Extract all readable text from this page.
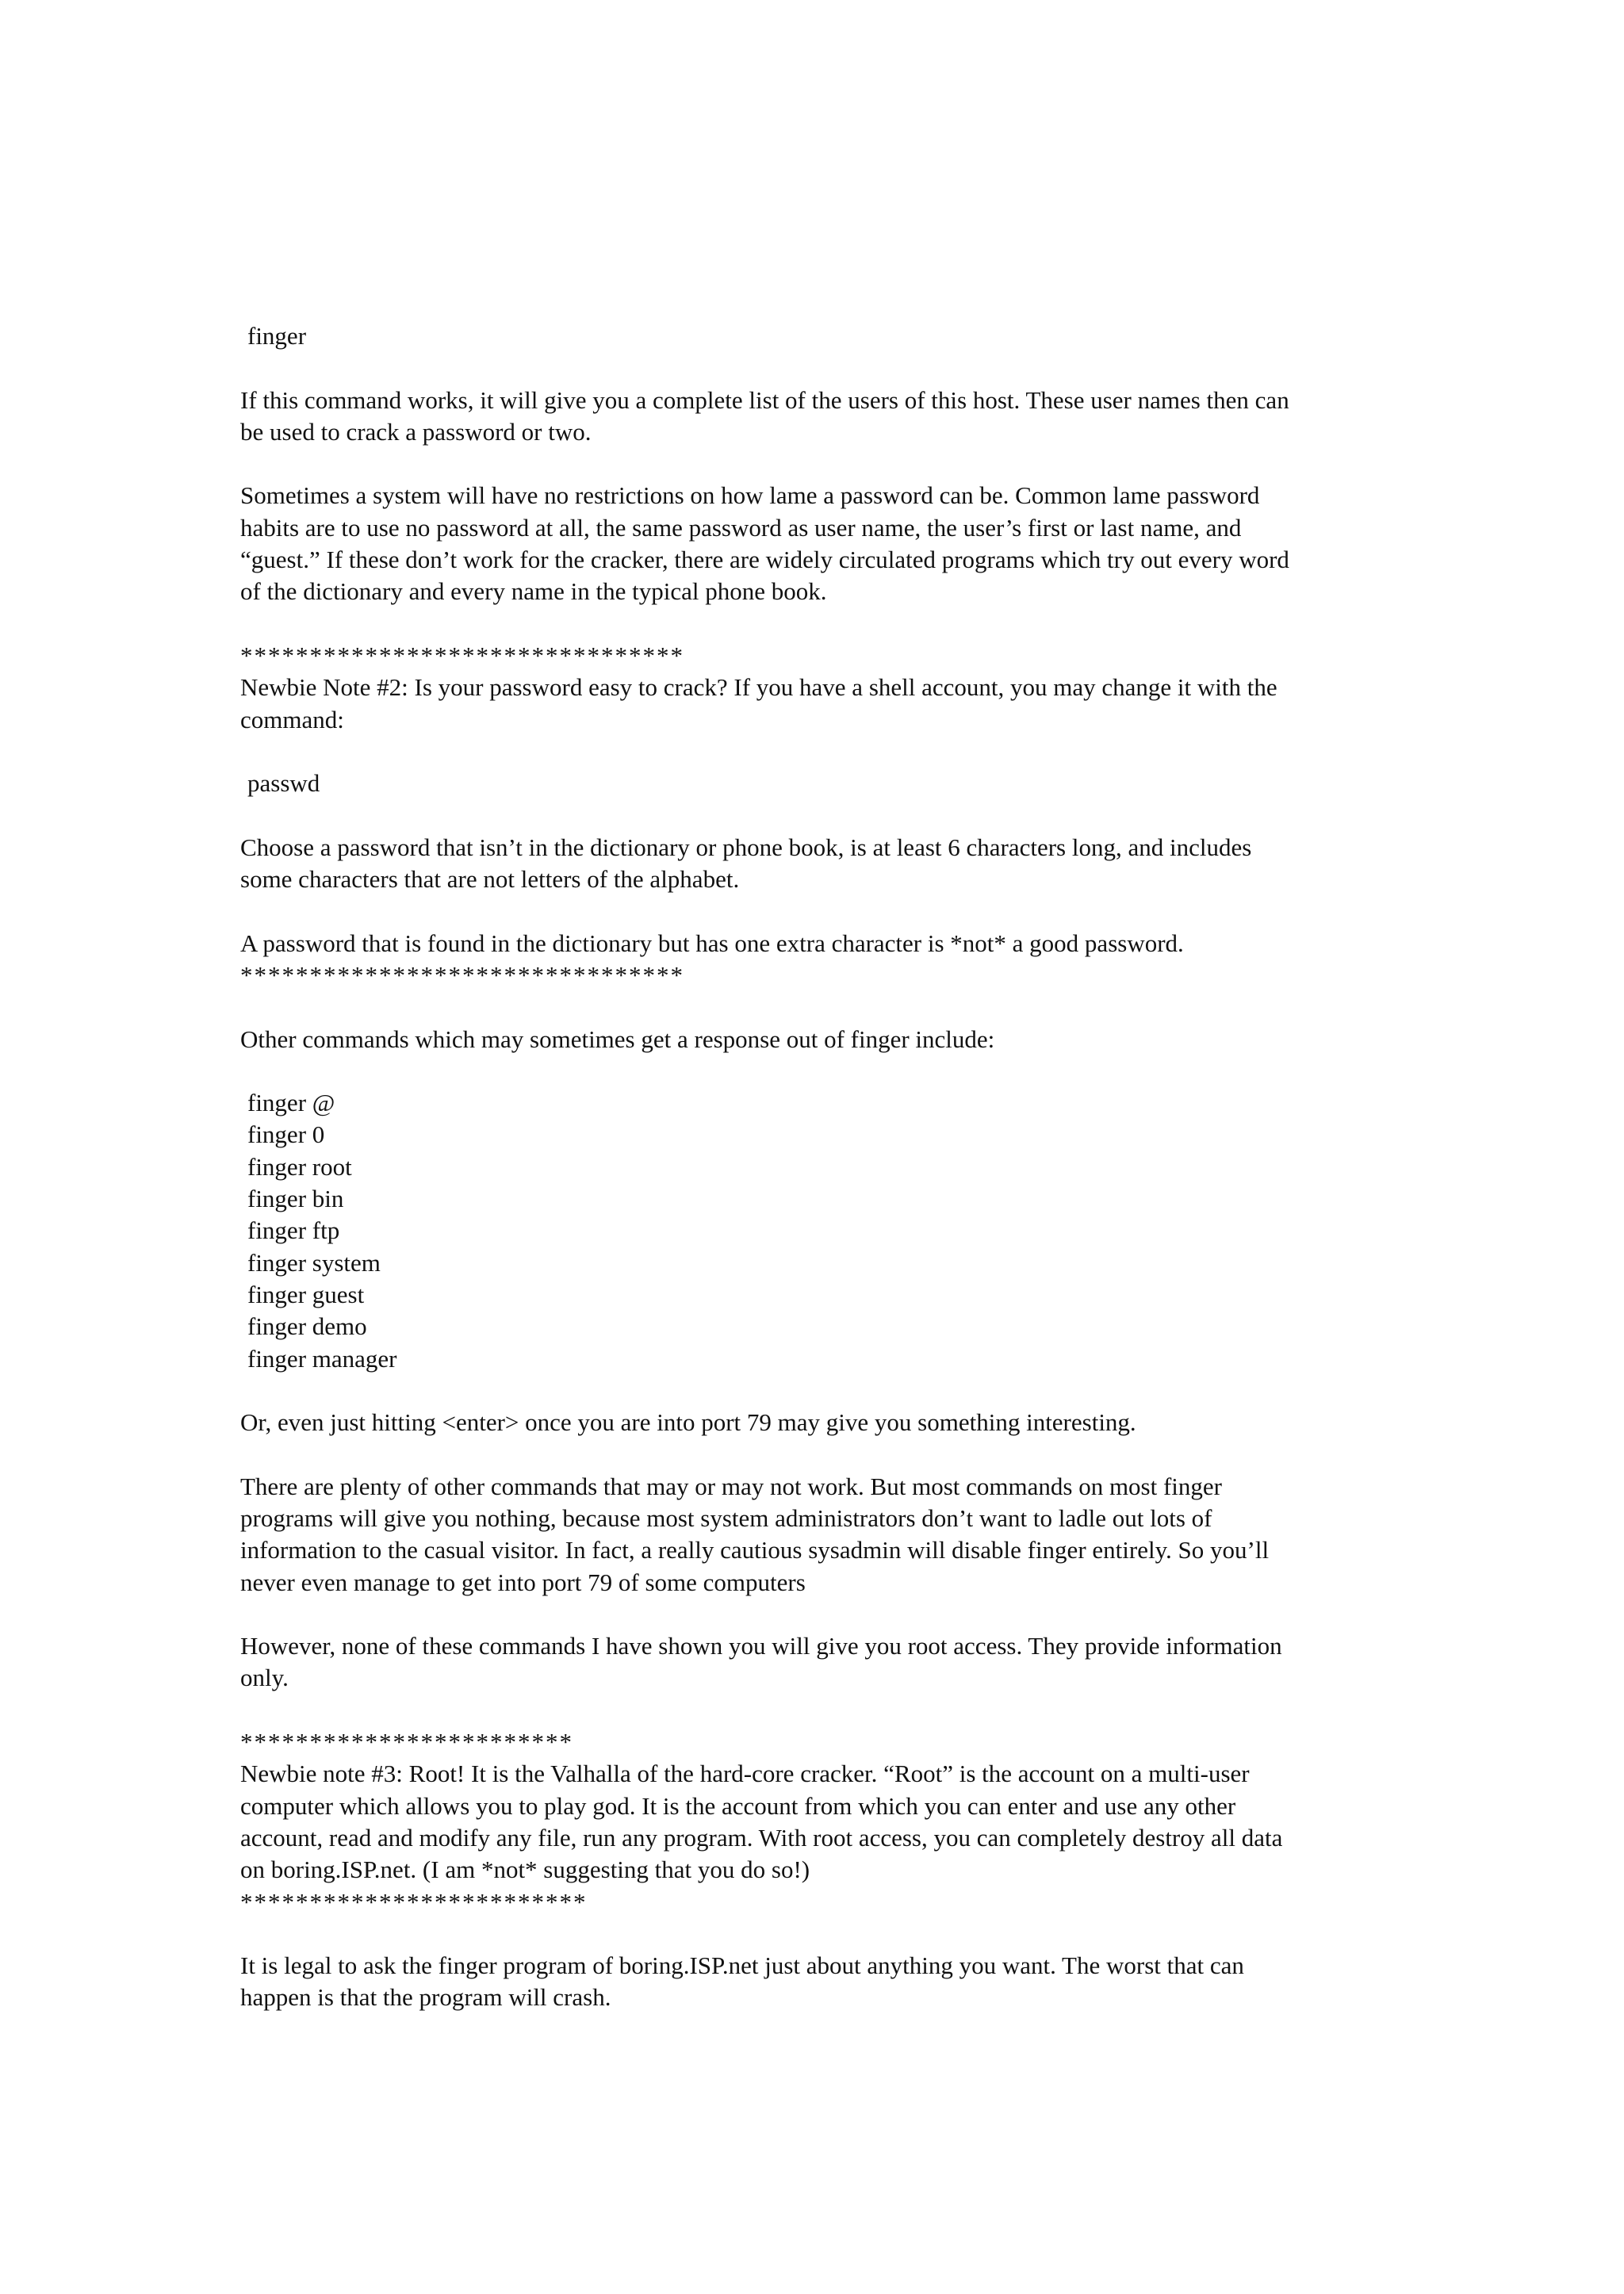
finger

If this command works, it will give you a complete list of the users of this host. These user names then can

be used to crack a password or two.

Sometimes a system will have no restrictions on how lame a password can be. Common lame password

habits are to use no password at all, the same password as user name, the user’s first or last name, and

“guest.” If these don’t work for the cracker, there are widely circulated programs which try out every word

of the dictionary and every name in the typical phone book.

********************************

Newbie Note #2: Is your password easy to crack? If you have a shell account, you may change it with the

command:

passwd

Choose a password that isn’t in the dictionary or phone book, is at least 6 characters long, and includes

some characters that are not letters of the alphabet.

A password that is found in the dictionary but has one extra character is *not* a good password.

********************************

Other commands which may sometimes get a response out of finger include:

finger @

finger 0

finger root

finger bin

finger ftp

finger system

finger guest

finger demo

finger manager

Or, even just hitting <enter> once you are into port 79 may give you something interesting.

There are plenty of other commands that may or may not work. But most commands on most finger

programs will give you nothing, because most system administrators don’t want to ladle out lots of

information to the casual visitor. In fact, a really cautious sysadmin will disable finger entirely. So you’ll

never even manage to get into port 79 of some computers

However, none of these commands I have shown you will give you root access. They provide information

only.

************************

Newbie note #3: Root! It is the Valhalla of the hard-core cracker. “Root” is the account on a multi-user

computer which allows you to play god. It is the account from which you can enter and use any other

account, read and modify any file, run any program. With root access, you can completely destroy all data

on boring.ISP.net. (I am *not* suggesting that you do so!)

*************************

It is legal to ask the finger program of boring.ISP.net just about anything you want. The worst that can

happen is that the program will crash.
